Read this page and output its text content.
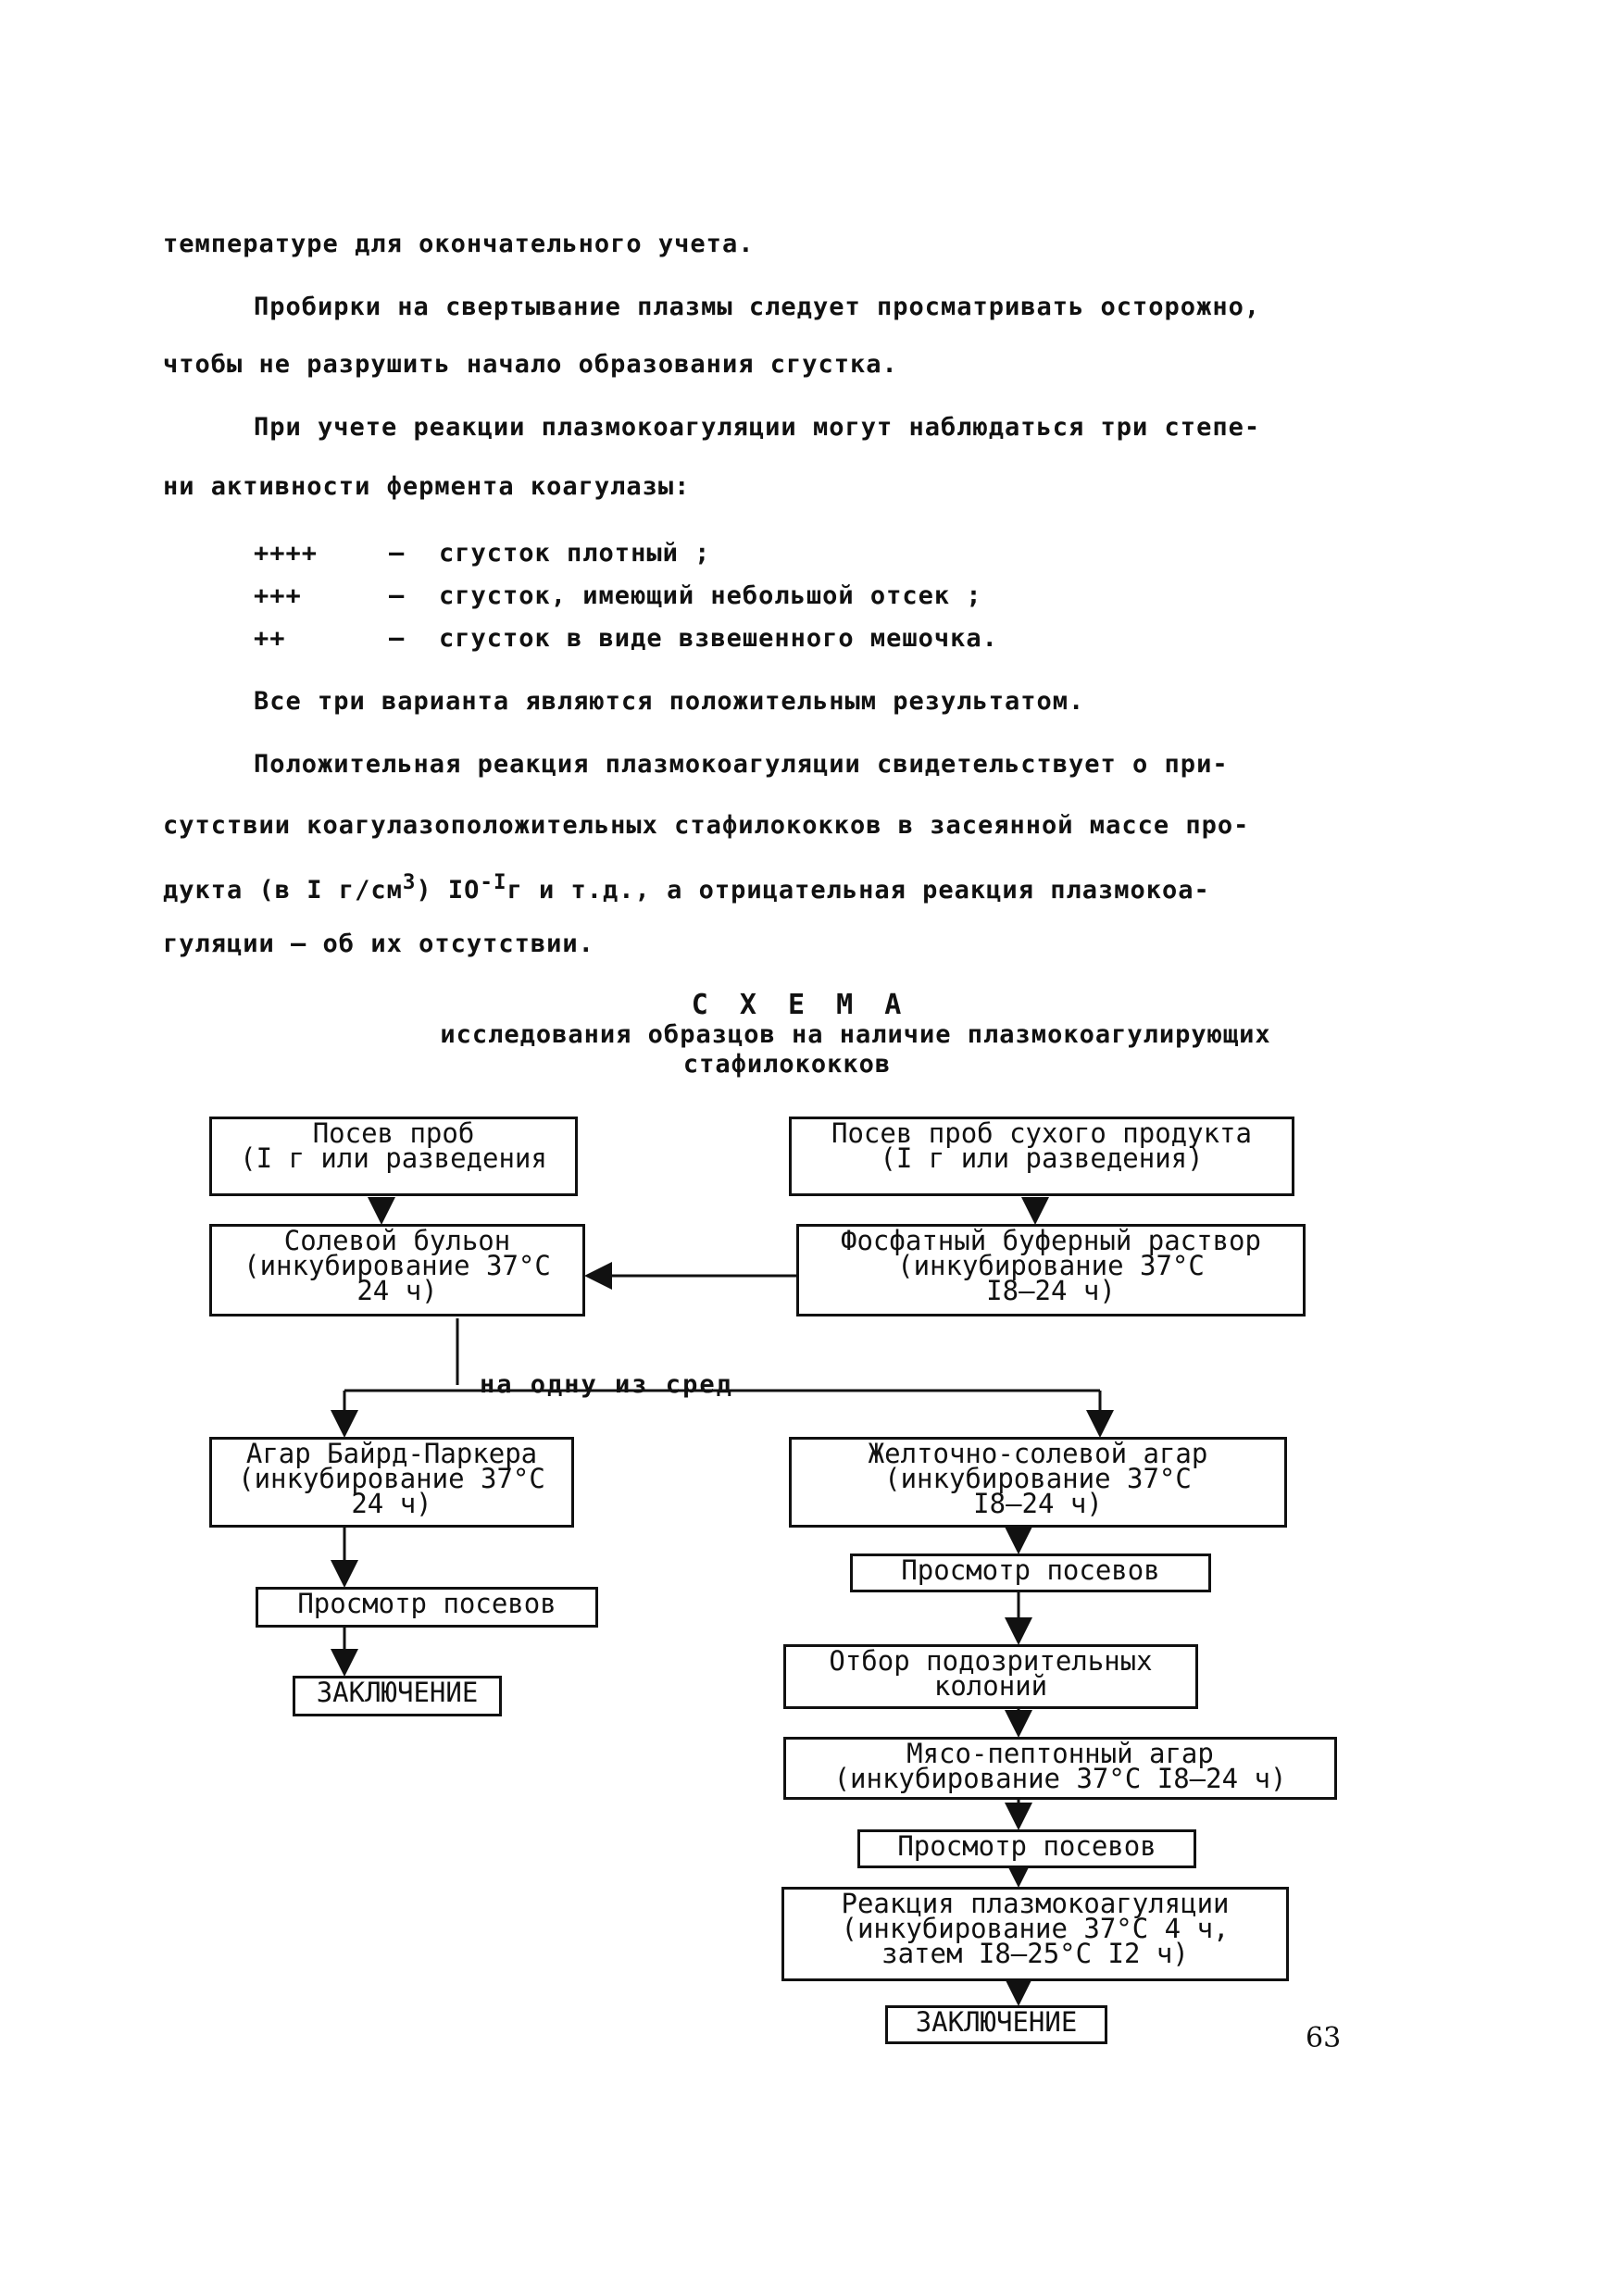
температуре для окончательного учета.
Пробирки на свертывание плазмы следует просматривать осторожно,
чтобы не разрушить начало образования сгустка.
При учете реакции плазмокоагуляции могут наблюдаться три степе-
ни активности фермента коагулазы:
++++	– сгусток плотный ;
+++	– сгусток, имеющий небольшой отсек ;
++	– сгусток в виде взвешенного мешочка.
Все три варианта являются положительным результатом.
Положительная реакция плазмокоагуляции свидетельствует о при-
сутствии коагулазоположительных стафилококков в засеянной массе про-
дукта (в I $г/см^3$) $IO^{-I}г$ и т.д., а отрицательная реакция плазмокоа-
гуляции – об их отсутствии.
С Х Е М А
исследования образцов на наличие плазмокоагулирующих
стафилококков
Посев проб
(I г или разведения
Посев проб сухого продукта
(I г или разведения)
Солевой бульон
(инкубирование 37°С
24 ч)
Фосфатный буферный раствор
(инкубирование 37°С
I8–24 ч)
на одну из сред
Агар Байрд-Паркера
(инкубирование 37°С
24 ч)
Желточно-солевой агар
(инкубирование 37°С
I8–24 ч)
Просмотр посевов
Просмотр посевов
ЗАКЛЮЧЕНИЕ
Отбор подозрительных
колоний
Мясо-пептонный агар
(инкубирование 37°С I8–24 ч)
Просмотр посевов
Реакция плазмокоагуляции
(инкубирование 37°С 4 ч,
затем I8–25°С I2 ч)
ЗАКЛЮЧЕНИЕ	63
